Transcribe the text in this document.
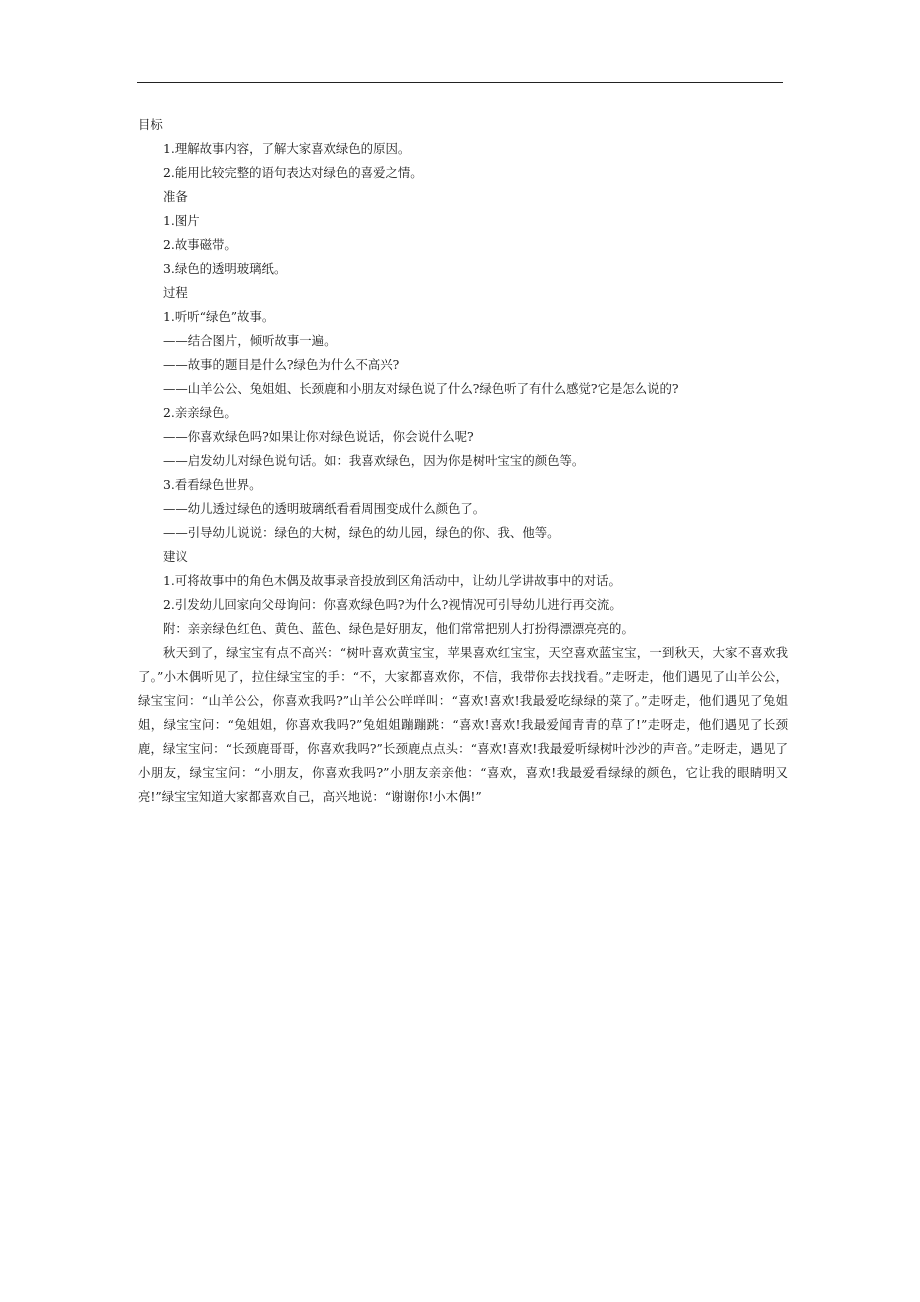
目标
1.理解故事内容，了解大家喜欢绿色的原因。
2.能用比较完整的语句表达对绿色的喜爱之情。
准备
1.图片
2.故事磁带。
3.绿色的透明玻璃纸。
过程
1.听听“绿色”故事。
——结合图片，倾听故事一遍。
——故事的题目是什么?绿色为什么不高兴?
——山羊公公、兔姐姐、长颈鹿和小朋友对绿色说了什么?绿色听了有什么感觉?它是怎么说的?
2.亲亲绿色。
——你喜欢绿色吗?如果让你对绿色说话，你会说什么呢?
——启发幼儿对绿色说句话。如：我喜欢绿色，因为你是树叶宝宝的颜色等。
3.看看绿色世界。
——幼儿透过绿色的透明玻璃纸看看周围变成什么颜色了。
——引导幼儿说说：绿色的大树，绿色的幼儿园，绿色的你、我、他等。
建议
1.可将故事中的角色木偶及故事录音投放到区角活动中，让幼儿学讲故事中的对话。
2.引发幼儿回家向父母询问：你喜欢绿色吗?为什么?视情况可引导幼儿进行再交流。
附：亲亲绿色红色、黄色、蓝色、绿色是好朋友，他们常常把别人打扮得漂漂亮亮的。

秋天到了，绿宝宝有点不高兴：“树叶喜欢黄宝宝，苹果喜欢红宝宝，天空喜欢蓝宝宝，一到秋天，大家不喜欢我了。”小木偶听见了，拉住绿宝宝的手：“不，大家都喜欢你，不信，我带你去找找看。”走呀走，他们遇见了山羊公公，绿宝宝问：“山羊公公，你喜欢我吗?”山羊公公咩咩叫：“喜欢!喜欢!我最爱吃绿绿的菜了。”走呀走，他们遇见了兔姐姐，绿宝宝问：“兔姐姐，你喜欢我吗?”兔姐姐蹦蹦跳：“喜欢!喜欢!我最爱闻青青的草了!”走呀走，他们遇见了长颈鹿，绿宝宝问：“长颈鹿哥哥，你喜欢我吗?”长颈鹿点点头：“喜欢!喜欢!我最爱听绿树叶沙沙的声音。”走呀走，遇见了小朋友，绿宝宝问：“小朋友，你喜欢我吗?”小朋友亲亲他：“喜欢，喜欢!我最爱看绿绿的颜色，它让我的眼睛明又亮!”绿宝宝知道大家都喜欢自己，高兴地说：“谢谢你!小木偶!”
